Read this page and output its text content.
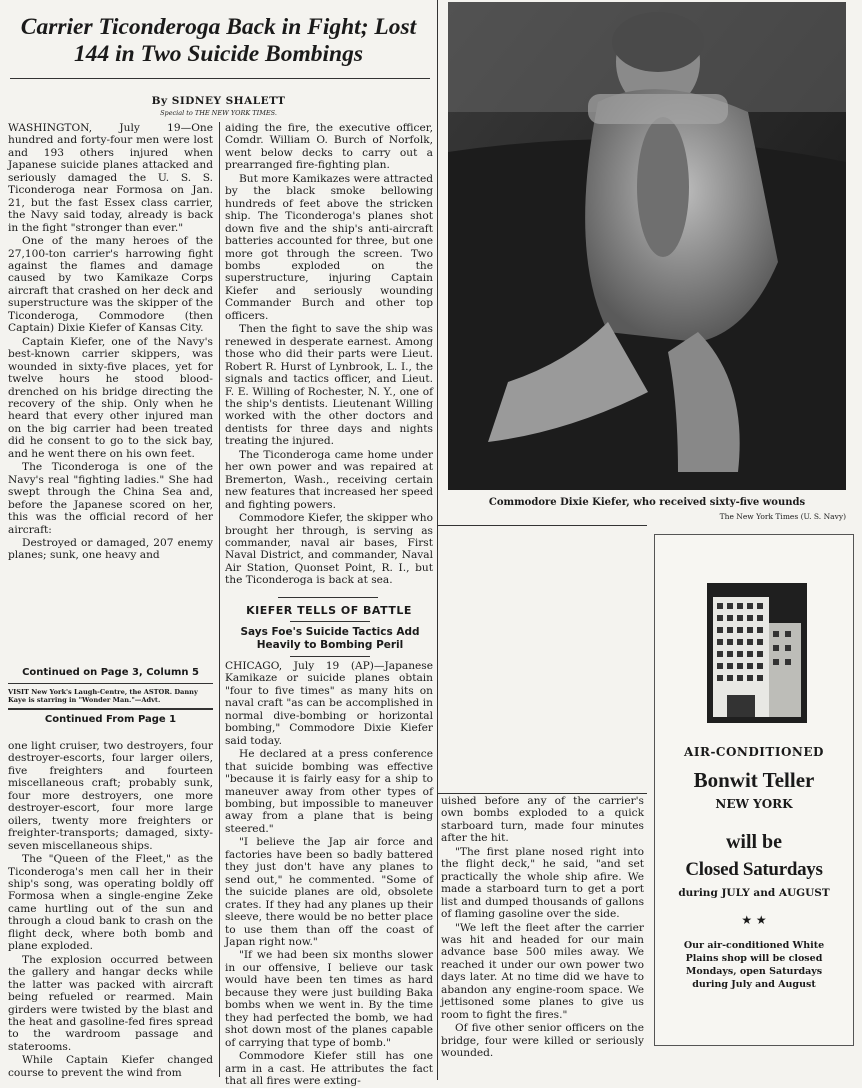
Carrier Ticonderoga Back in Fight; Lost 144 in Two Suicide Bombings
By SIDNEY SHALETT
Special to THE NEW YORK TIMES.

WASHINGTON, July 19—One hundred and forty-four men were lost and 193 others injured when Japanese suicide planes attacked and seriously damaged the U. S. S. Ticonderoga near Formosa on Jan. 21, but the fast Essex class carrier, the Navy said today, already is back in the fight "stronger than ever."

One of the many heroes of the 27,100-ton carrier's harrowing fight against the flames and damage caused by two Kamikaze Corps aircraft that crashed on her deck and superstructure was the skipper of the Ticonderoga, Commodore (then Captain) Dixie Kiefer of Kansas City.

Captain Kiefer, one of the Navy's best-known carrier skippers, was wounded in sixty-five places, yet for twelve hours he stood blood-drenched on his bridge directing the recovery of the ship. Only when he heard that every other injured man on the big carrier had been treated did he consent to go to the sick bay, and he went there on his own feet.

The Ticonderoga is one of the Navy's real "fighting ladies." She had swept through the China Sea and, before the Japanese scored on her, this was the official record of her aircraft:

Destroyed or damaged, 207 enemy planes; sunk, one heavy and

Continued on Page 3, Column 5
VISIT New York's Laugh-Centre, the ASTOR. Danny Kaye is starring in "Wonder Man."—Advt.
Continued From Page 1

one light cruiser, two destroyers, four destroyer-escorts, four larger oilers, five freighters and fourteen miscellaneous craft; probably sunk, four more destroyers, one more destroyer-escort, four more large oilers, twenty more freighters or freighter-transports; damaged, sixty-seven miscellaneous ships.

The "Queen of the Fleet," as the Ticonderoga's men call her in their ship's song, was operating boldly off Formosa when a single-engine Zeke came hurtling out of the sun and through a cloud bank to crash on the flight deck, where both bomb and plane exploded.

The explosion occurred between the gallery and hangar decks while the latter was packed with aircraft being refueled or rearmed. Main girders were twisted by the blast and the heat and gasoline-fed fires spread to the wardroom passage and staterooms.

While Captain Kiefer changed course to prevent the wind from

aiding the fire, the executive officer, Comdr. William O. Burch of Norfolk, went below decks to carry out a prearranged fire-fighting plan.

But more Kamikazes were attracted by the black smoke bellowing hundreds of feet above the stricken ship. The Ticonderoga's planes shot down five and the ship's anti-aircraft batteries accounted for three, but one more got through the screen. Two bombs exploded on the superstructure, injuring Captain Kiefer and seriously wounding Commander Burch and other top officers.

Then the fight to save the ship was renewed in desperate earnest. Among those who did their parts were Lieut. Robert R. Hurst of Lynbrook, L. I., the signals and tactics officer, and Lieut. F. E. Willing of Rochester, N. Y., one of the ship's dentists. Lieutenant Willing worked with the other doctors and dentists for three days and nights treating the injured.

The Ticonderoga came home under her own power and was repaired at Bremerton, Wash., receiving certain new features that increased her speed and fighting powers.

Commodore Kiefer, the skipper who brought her through, is serving as commander, naval air bases, First Naval District, and commander, Naval Air Station, Quonset Point, R. I., but the Ticonderoga is back at sea.

KIEFER TELLS OF BATTLE
Says Foe's Suicide Tactics Add Heavily to Bombing Peril

CHICAGO, July 19 (AP)—Japanese Kamikaze or suicide planes obtain "four to five times" as many hits on naval craft "as can be accomplished in normal dive-bombing or horizontal bombing," Commodore Dixie Kiefer said today.

He declared at a press conference that suicide bombing was effective "because it is fairly easy for a ship to maneuver away from other types of bombing, but impossible to maneuver away from a plane that is being steered."

"I believe the Jap air force and factories have been so badly battered they just don't have any planes to send out," he commented. "Some of the suicide planes are old, obsolete crates. If they had any planes up their sleeve, there would be no better place to use them than off the coast of Japan right now."

"If we had been six months slower in our offensive, I believe our task would have been ten times as hard because they were just building Baka bombs when we went in. By the time they had perfected the bomb, we had shot down most of the planes capable of carrying that type of bomb."

Commodore Kiefer still has one arm in a cast. He attributes the fact that all fires were exting-

uished before any of the carrier's own bombs exploded to a quick starboard turn, made four minutes after the hit.

"The first plane nosed right into the flight deck," he said, "and set practically the whole ship afire. We made a starboard turn to get a port list and dumped thousands of gallons of flaming gasoline over the side.

"We left the fleet after the carrier was hit and headed for our main advance base 500 miles away. We reached it under our own power two days later. At no time did we have to abandon any engine-room space. We jettisoned some planes to give us room to fight the fires."

Of five other senior officers on the bridge, four were killed or seriously wounded.

Commodore Dixie Kiefer, who received sixty-five wounds
The New York Times (U. S. Navy)
AIR-CONDITIONED
Bonwit Teller
NEW YORK
will be
Closed Saturdays
during JULY and AUGUST
★ ★
Our air-conditioned White Plains shop will be closed Mondays, open Saturdays during July and August
